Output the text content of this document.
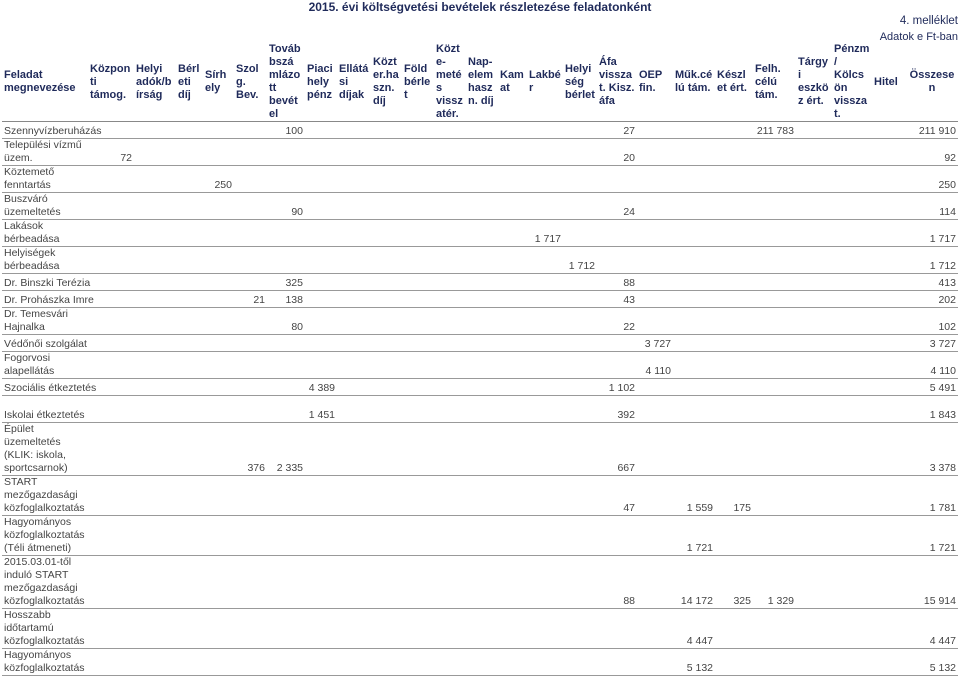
2015. évi költségvetési bevételek részletezése feladatonként
4. melléklet
Adatok e Ft-ban
Feladat megnevezése	Központi támog.	Helyi adók/bírság	Bérleti díj	Sírhely	Szolg. Bev.	Továbbszámlázott bevétel	Piaci helypénz	Ellátási díjak	Közter.haszn.díj	Földbérlet	Közte-metés visszatér.	Nap-elem haszn. díj	Kamat	Lakbér	Helyiség bérlet	Áfa visszat. Kisz. áfa	OEP fin.	Műk.célú tám.	Készlet ért.	Felh. célú tám.	Tárgyi eszköz ért.	Pénzm/ Kölcsön visszat.	Hitel	Összesen
Szennyvízberuházás						100										27				211 783				211 910
Települési vízmű üzem.	72															20								92
Köztemető fenntartás				250																				250
Buszváró üzemeltetés						90										24								114
Lakások bérbeadása														1 717										1 717
Helyiségek bérbeadása															1 712									1 712
Dr. Binszki Terézia						325										88								413
Dr. Prohászka Imre					21	138										43								202
Dr. Temesvári Hajnalka						80										22								102
Védőnői szolgálat																	3 727							3 727
Fogorvosi alapellátás																	4 110							4 110
Szociális étkeztetés							4 389									1 102								5 491
Iskolai étkeztetés							1 451									392								1 843
Épület üzemeltetés (KLIK: iskola, sportcsarnok)					376	2 335										667								3 378
START mezőgazdasági közfoglalkoztatás																47		1 559	175					1 781
Hagyományos közfoglalkoztatás (Téli átmeneti)																		1 721						1 721
2015.03.01-től induló START mezőgazdasági közfoglalkoztatás																88		14 172	325	1 329				15 914
Hosszabb időtartamú közfoglalkoztatás																		4 447						4 447
Hagyományos közfoglalkoztatás																		5 132						5 132
